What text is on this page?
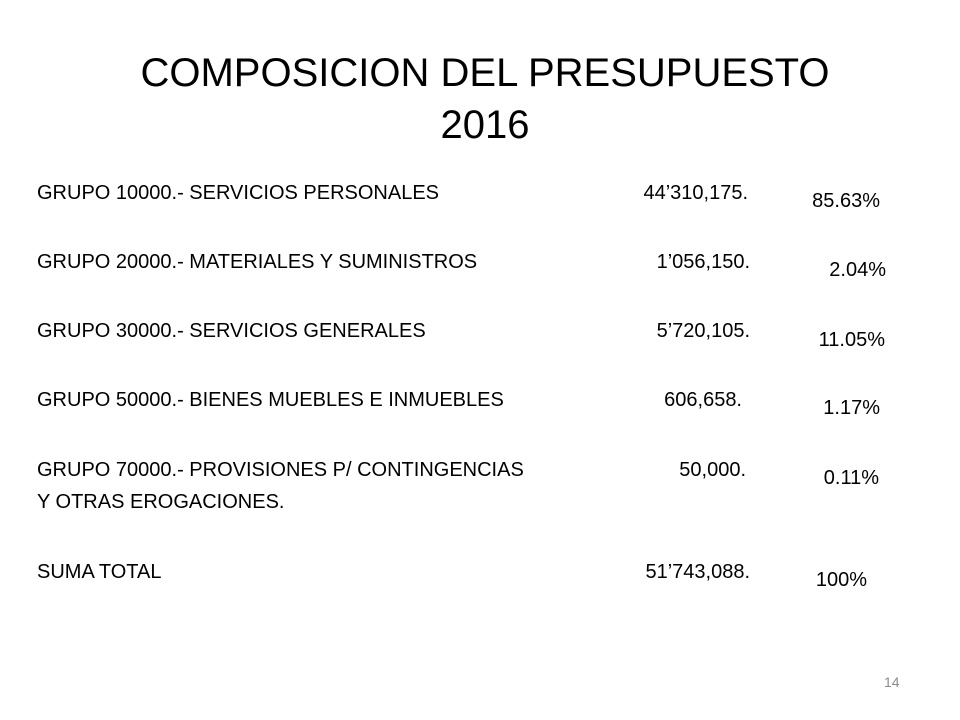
COMPOSICION DEL PRESUPUESTO
2016
GRUPO 10000.- SERVICIOS PERSONALES	44’310,175.	85.63%
GRUPO 20000.- MATERIALES Y SUMINISTROS	1’056,150.	2.04%
GRUPO 30000.- SERVICIOS GENERALES	5’720,105.	11.05%
GRUPO 50000.- BIENES MUEBLES E INMUEBLES	606,658.	1.17%
GRUPO 70000.- PROVISIONES P/ CONTINGENCIAS
Y OTRAS EROGACIONES.
50,000.	0.11%
SUMA TOTAL	51’743,088.	100%
14
